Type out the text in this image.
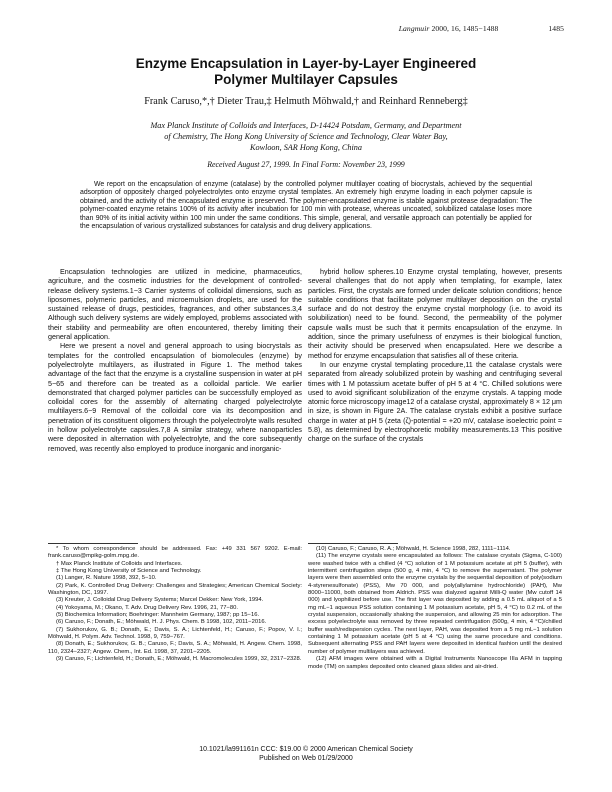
Langmuir 2000, 16, 1485−1488	1485
Enzyme Encapsulation in Layer-by-Layer Engineered
Polymer Multilayer Capsules
Frank Caruso,*,† Dieter Trau,‡ Helmuth Möhwald,† and Reinhard Renneberg‡
Max Planck Institute of Colloids and Interfaces, D-14424 Potsdam, Germany, and Department
of Chemistry, The Hong Kong University of Science and Technology, Clear Water Bay,
Kowloon, SAR Hong Kong, China
Received August 27, 1999. In Final Form: November 23, 1999
We report on the encapsulation of enzyme (catalase) by the controlled polymer multilayer coating of biocrystals, achieved by the sequential adsorption of oppositely charged polyelectrolytes onto enzyme crystal templates. An extremely high enzyme loading in each polymer capsule is obtained, and the activity of the encapsulated enzyme is preserved. The polymer-encapsulated enzyme is stable against protease degradation: The polymer-coated enzyme retains 100% of its activity after incubation for 100 min with protease, whereas uncoated, solubilized catalase loses more than 90% of its initial activity within 100 min under the same conditions. This simple, general, and versatile approach can potentially be applied for the encapsulation of various crystallized substances for catalysis and drug delivery applications.

Encapsulation technologies are utilized in medicine, pharmaceutics, agriculture, and the cosmetic industries for the development of controlled-release delivery systems.1−3 Carrier systems of colloidal dimensions, such as liposomes, polymeric particles, and microemulsion droplets, are used for the sustained release of drugs, pesticides, fragrances, and other substances.3,4 Although such delivery systems are widely employed, problems associated with their stability and permeability are often encountered, thereby limiting their general application.

Here we present a novel and general approach to using biocrystals as templates for the controlled encapsulation of biomolecules (enzyme) by polyelectrolyte multilayers, as illustrated in Figure 1. The method takes advantage of the fact that the enzyme is a crystalline suspension in water at pH 5−65 and therefore can be treated as a colloidal particle. We earlier demonstrated that charged polymer particles can be successfully employed as colloidal cores for the assembly of alternating charged polyelectrolyte multilayers.6−9 Removal of the colloidal core via its decomposition and penetration of its constituent oligomers through the polyelectrolyte walls resulted in hollow polyelectrolyte capsules.7,8 A similar strategy, where nanoparticles were deposited in alternation with polyelectrolyte, and the core subsequently removed, was recently also employed to produce inorganic and inorganic-

hybrid hollow spheres.10 Enzyme crystal templating, however, presents several challenges that do not apply when templating, for example, latex particles. First, the crystals are formed under delicate solution conditions; hence suitable conditions that facilitate polymer multilayer deposition on the crystal surface and do not destroy the enzyme crystal morphology (i.e. to avoid its solubilization) need to be found. Second, the permeability of the polymer capsule walls must be such that it permits encapsulation of the enzyme. In addition, since the primary usefulness of enzymes is their biological function, their activity should be preserved when encapsulated. Here we describe a method for enzyme encapsulation that satisfies all of these criteria.

In our enzyme crystal templating procedure,11 the catalase crystals were separated from already solubilized protein by washing and centrifuging several times with 1 M potassium acetate buffer of pH 5 at 4 °C. Chilled solutions were used to avoid significant solubilization of the enzyme crystals. A tapping mode atomic force microscopy image12 of a catalase crystal, approximately 8 × 12 μm in size, is shown in Figure 2A. The catalase crystals exhibit a positive surface charge in water at pH 5 (zeta (ζ)-potential = +20 mV, catalase isoelectric point = 5.8), as determined by electrophoretic mobility measurements.13 This positive charge on the surface of the crystals

* To whom correspondence should be addressed. Fax: +49 331 567 9202. E-mail: frank.caruso@mpikg-golm.mpg.de.
† Max Planck Institute of Colloids and Interfaces.
‡ The Hong Kong University of Science and Technology.
(1) Langer, R. Nature 1998, 392, 5−10.
(2) Park, K. Controlled Drug Delivery: Challenges and Strategies; American Chemical Society: Washington, DC, 1997.
(3) Kreuter, J. Colloidal Drug Delivery Systems; Marcel Dekker: New York, 1994.
(4) Yokoyama, M.; Okano, T. Adv. Drug Delivery Rev. 1996, 21, 77−80.
(5) Biochemica Information; Boehringer: Mannheim Germany, 1987; pp 15−16.
(6) Caruso, F.; Donath, E.; Möhwald, H. J. Phys. Chem. B 1998, 102, 2011−2016.
(7) Sukhorukov, G. B.; Donath, E.; Davis, S. A.; Lichtenfeld, H.; Caruso, F.; Popov, V. I.; Möhwald, H. Polym. Adv. Technol. 1998, 9, 759−767.
(8) Donath, E.; Sukhorukov, G. B.; Caruso, F.; Davis, S. A.; Möhwald, H. Angew. Chem. 1998, 110, 2324−2327; Angew. Chem., Int. Ed. 1998, 37, 2201−2205.
(9) Caruso, F.; Lichtenfeld, H.; Donath, E.; Möhwald, H. Macromolecules 1999, 32, 2317−2328.
(10) Caruso, F.; Caruso, R. A.; Möhwald, H. Science 1998, 282, 1111−1114.
(11) The enzyme crystals were encapsulated as follows: The catalase crystals (Sigma, C-100) were washed twice with a chilled (4 °C) solution of 1 M potassium acetate at pH 5 (buffer), with intermittent centrifugation steps (500 g, 4 min, 4 °C) to remove the supernatant. The polymer layers were then assembled onto the enzyme crystals by the sequential deposition of poly(sodium 4-styrenesulfonate) (PSS), Mw 70 000, and poly(allylamine hydrochloride) (PAH), Mw 8000−11000, both obtained from Aldrich. PSS was dialyzed against Milli-Q water (Mw cutoff 14 000) and lyophilized before use. The first layer was deposited by adding a 0.5 mL aliquot of a 5 mg mL−1 aqueous PSS solution containing 1 M potassium acetate, pH 5, 4 °C) to 0.2 mL of the crystal suspension, occasionally shaking the suspension, and allowing 25 min for adsorption. The excess polyelectrolyte was removed by three repeated centrifugation (500g, 4 min, 4 °C)/chilled buffer wash/redispersion cycles. The next layer, PAH, was deposited from a 5 mg mL−1 solution containing 1 M potassium acetate (pH 5 at 4 °C) using the same procedure and conditions. Subsequent alternating PSS and PAH layers were deposited in identical fashion until the desired number of polymer multilayers was achieved.
(12) AFM images were obtained with a Digital Instruments Nanoscope IIIa AFM in tapping mode (TM) on samples deposited onto cleaned glass slides and air-dried.
10.1021/la991161n CCC: $19.00 © 2000 American Chemical Society
Published on Web 01/29/2000
